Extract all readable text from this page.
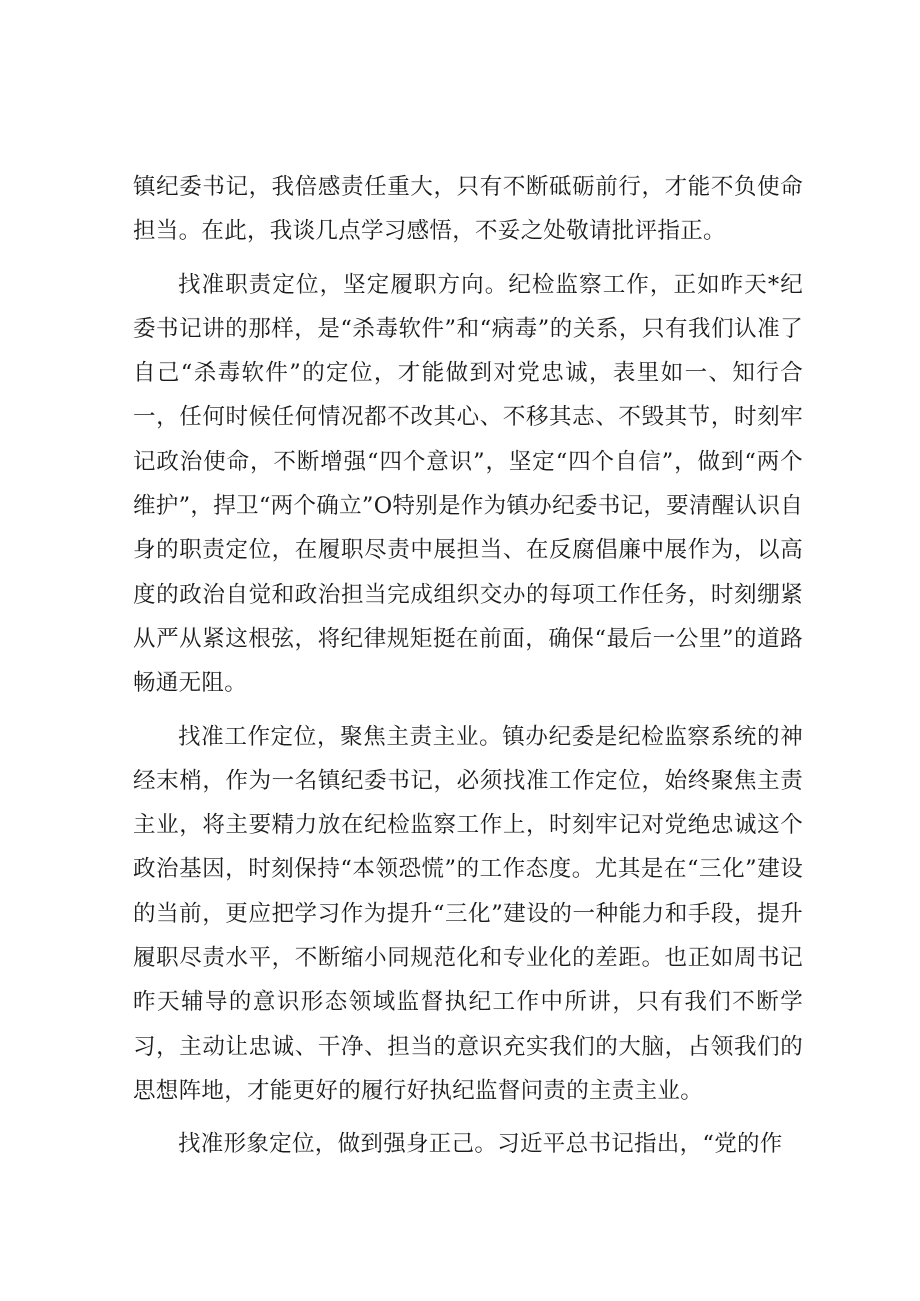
镇纪委书记，我倍感责任重大，只有不断砥砺前行，才能不负使命担当。在此，我谈几点学习感悟，不妥之处敬请批评指正。

找准职责定位，坚定履职方向。纪检监察工作，正如昨天*纪委书记讲的那样，是“杀毒软件”和“病毒”的关系，只有我们认准了自己“杀毒软件”的定位，才能做到对党忠诚，表里如一、知行合一，任何时候任何情况都不改其心、不移其志、不毁其节，时刻牢记政治使命，不断增强“四个意识”，坚定“四个自信”，做到“两个维护”，捍卫“两个确立”O特别是作为镇办纪委书记，要清醒认识自身的职责定位，在履职尽责中展担当、在反腐倡廉中展作为，以高度的政治自觉和政治担当完成组织交办的每项工作任务，时刻绷紧从严从紧这根弦，将纪律规矩挺在前面，确保“最后一公里”的道路畅通无阻。

找准工作定位，聚焦主责主业。镇办纪委是纪检监察系统的神经末梢，作为一名镇纪委书记，必须找准工作定位，始终聚焦主责主业，将主要精力放在纪检监察工作上，时刻牢记对党绝忠诚这个政治基因，时刻保持“本领恐慌”的工作态度。尤其是在“三化”建设的当前，更应把学习作为提升“三化”建设的一种能力和手段，提升履职尽责水平，不断缩小同规范化和专业化的差距。也正如周书记昨天辅导的意识形态领域监督执纪工作中所讲，只有我们不断学习，主动让忠诚、干净、担当的意识充实我们的大脑，占领我们的思想阵地，才能更好的履行好执纪监督问责的主责主业。

找准形象定位，做到强身正己。习近平总书记指出，“党的作
